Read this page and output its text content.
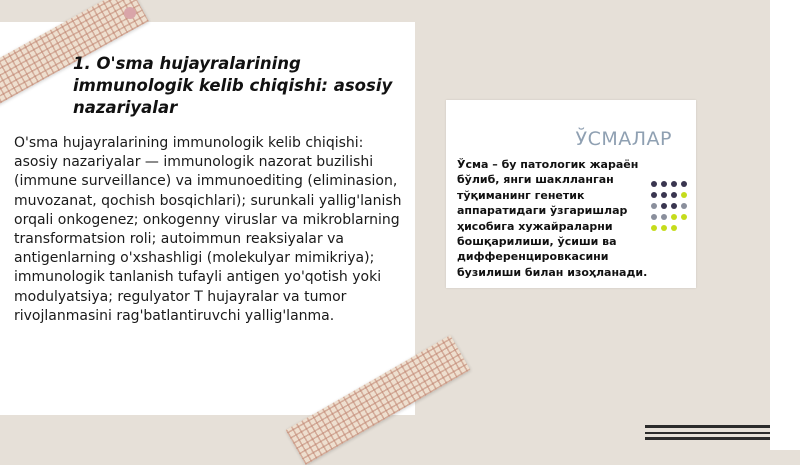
1. O'sma hujayralarining immunologik kelib chiqishi: asosiy nazariyalar
O'sma hujayralarining immunologik kelib chiqishi: asosiy nazariyalar — immunologik nazorat buzilishi (immune surveillance) va immunoediting (eliminasion, muvozanat, qochish bosqichlari); surunkali yallig'lanish orqali onkogenez; onkogenny viruslar va mikroblarning transformatsion roli; autoimmun reaksiyalar va antigenlarning o'xshashligi (molekulyar mimikriya); immunologik tanlanish tufayli antigen yo'qotish yoki modulyatsiya; regulyator T hujayralar va tumor rivojlanmasini rag'batlantiruvchi yallig'lanma.
ЎСМАЛАР
Ўсма – бу патологик жараён бўлиб, янги шаклланган тўқиманинг генетик аппаратидаги ўзгаришлар ҳисобига хужайраларни бошқарилиши, ўсиши ва дифференцировкасини бузилиши билан изоҳланади.
